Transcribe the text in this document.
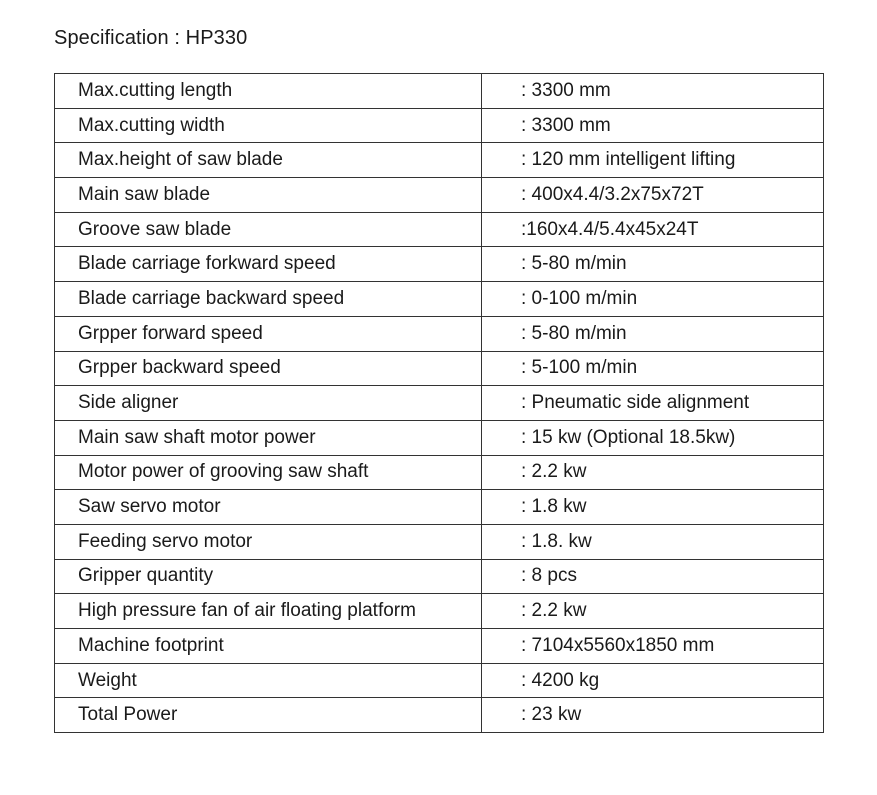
Specification : HP330
Max.cutting length	: 3300 mm
Max.cutting width	: 3300 mm
Max.height of saw blade	: 120 mm intelligent lifting
Main saw blade	: 400x4.4/3.2x75x72T
Groove saw blade	:160x4.4/5.4x45x24T
Blade carriage forkward speed	: 5-80 m/min
Blade carriage backward speed	: 0-100 m/min
Grpper forward speed	: 5-80 m/min
Grpper backward speed	: 5-100 m/min
Side aligner	: Pneumatic side alignment
Main saw shaft motor power	: 15 kw (Optional 18.5kw)
Motor power of grooving saw shaft	: 2.2 kw
Saw servo motor	: 1.8 kw
Feeding servo motor	: 1.8. kw
Gripper quantity	: 8 pcs
High pressure fan of air floating platform	: 2.2 kw
Machine footprint	: 7104x5560x1850 mm
Weight	: 4200 kg
Total Power	: 23 kw
